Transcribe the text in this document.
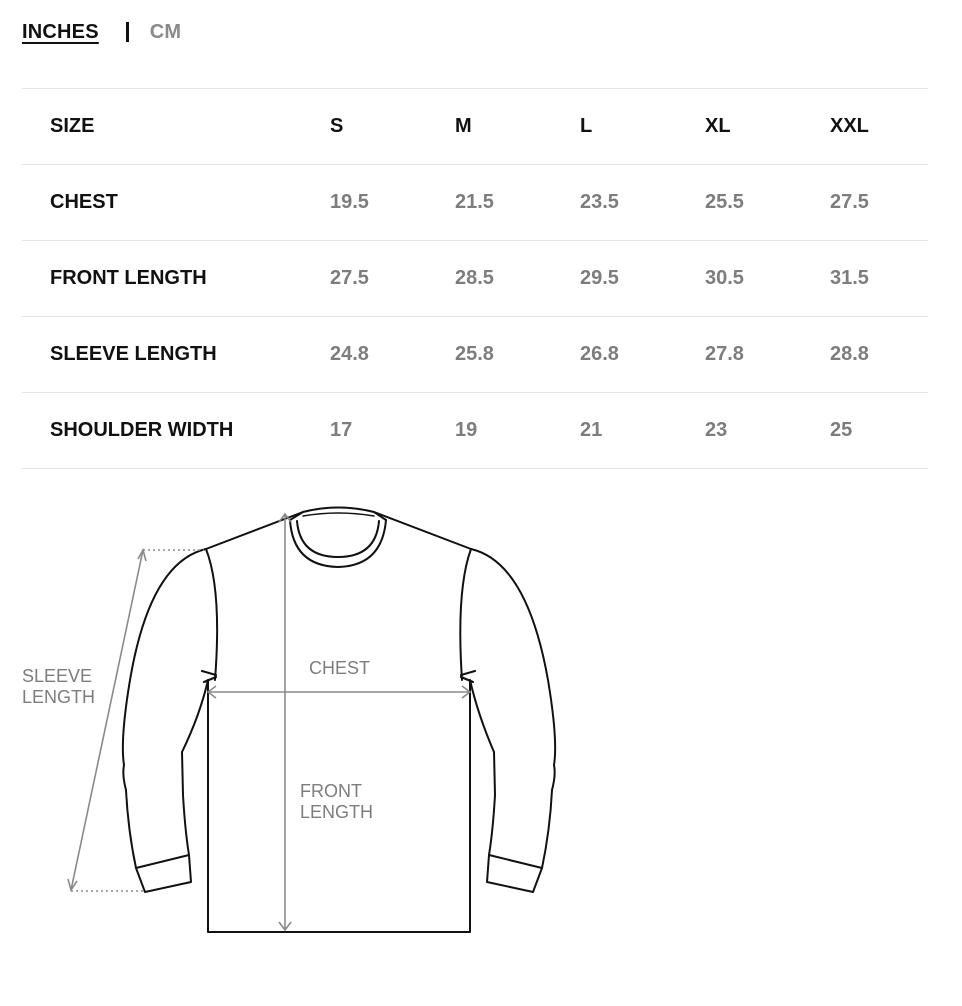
INCHES	CM
SIZE	S	M	L	XL	XXL
CHEST	19.5	21.5	23.5	25.5	27.5
FRONT LENGTH	27.5	28.5	29.5	30.5	31.5
SLEEVE LENGTH	24.8	25.8	26.8	27.8	28.8
SHOULDER WIDTH	17	19	21	23	25
SLEEVE
LENGTH
CHEST
FRONT
LENGTH
